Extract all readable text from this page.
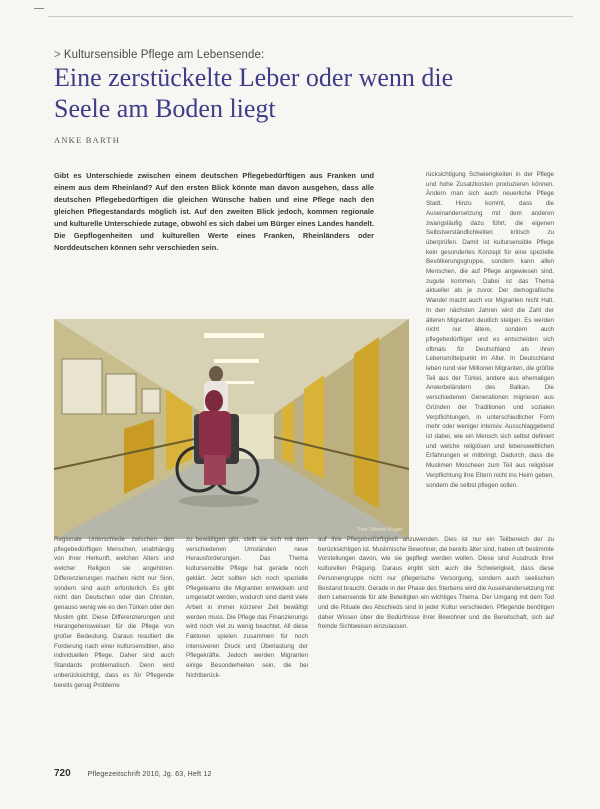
> Kultursensible Pflege am Lebensende:
Eine zerstückelte Leber oder wenn die Seele am Boden liegt
ANKE BARTH

Gibt es Unterschiede zwischen einem deutschen Pflegebedürftigen aus Franken und einem aus dem Rheinland? Auf den ersten Blick könnte man davon ausgehen, dass alle deutschen Pflegebedürftigen die gleichen Wünsche haben und eine Pflege nach den gleichen Pflegestandards möglich ist. Auf den zweiten Blick jedoch, kommen regionale und kulturelle Unterschiede zutage, obwohl es sich dabei um Bürger eines Landes handelt. Die Gepflogenheiten und kulturellen Werte eines Franken, Rheinländers oder Norddeutschen können sehr verschieden sein.

rücksichtigung Schwierigkeiten in der Pflege und hohe Zusatzkosten produzieren können. Ändern man sich auch neuerliche Pflege Stadt. Hinzu kommt, dass die Auseinandersetzung mit dem anderen zwangsläufig dazu führt, die eigenen Selbstverständlichkeiten kritisch zu überprüfen. Damit ist kultursensible Pflege kein gesondertes Konzept für eine spezielle Bevölkerungsgruppe, sondern kann allen Menschen, die auf Pflege angewiesen sind, zugute kommen. Dabei ist das Thema aktueller als je zuvor. Der demografische Wandel macht auch vor Migranten nicht Halt. In den nächsten Jahren wird die Zahl der älteren Migranten deutlich steigen. Es werden nicht nur ältere, sondern auch pflegebedürftiger und es entscheiden sich oftmals für Deutschland als ihren Lebensmittelpunkt im Alter. In Deutschland leben rund vier Millionen Migranten, die größte Teil aus der Türkei, andere aus ehemaligen Anwerbeländern des Balkan. Die verschiedenen Generationen migrieren aus Gründen der Traditionen und sozialen Verpflichtungen, in unterschiedlicher Form mehr oder weniger intensiv. Ausschlaggebend ist dabei, wie ein Mensch sich selbst definiert und welche religiösen und lebensweltlichen Erfahrungen er mitbringt. Dadurch, dass die Muslimen Moscheen zum Teil aus religiöser Verpflichtung ihre Eltern nicht ins Heim geben, sondern die selbst pflegen sollen.

Foto: Werner Krüper

Regionale Unterschiede zwischen den pflegebedürftigen Menschen, unabhängig von ihrer Herkunft, welchen Alters und welcher Religion sie angehören. Differenzierungen machen nicht nur Sinn, sondern sind auch erforderlich. Es gibt nicht den Deutschen oder den Christen, genauso wenig wie es den Türken oder den Muslim gibt. Diese Differenzierungen und Herangehensweisen für die Pflege von großer Bedeutung. Daraus resultiert die Forderung nach einer kultursensiblen, also individuellen Pflege. Daher sind auch Standards problematisch. Denn wird unberücksichtigt, dass es für Pflegende bereits genug Probleme

zu bewältigen gibt, stellt sie sich mit dem verschiedenen Umständen neue Herausforderungen. Das Thema kultursensible Pflege hat gerade noch geklärt. Jetzt sollten sich noch spezielle Pflegeteams die Migranten entwickeln und umgesetzt werden, wodurch sind damit viele Arbeit in immer kürzerer Zeit bewältigt werden muss. Die Pflege das Finanzierungs wird noch viel zu wenig beachtet. All diese Faktoren spielen zusammen für noch intensiveren Druck und Überlastung der Pflegekräfte. Jedoch werden Migranten einige Besonderheiten sein, die bei Nichtberück-

auf ihre Pflegebedürftigkeit anzuwenden. Dies ist nur ein Teilbereich der zu berücksichtigen ist. Muslimische Bewohner, die bereits älter sind, haben oft bestimmte Vorstellungen davon, wie sie gepflegt werden wollen. Diese sind Ausdruck ihrer kulturellen Prägung. Daraus ergibt sich auch die Schwierigkeit, dass diese Personengruppe nicht nur pflegerische Versorgung, sondern auch seelischen Beistand braucht. Gerade in der Phase des Sterbens wird die Auseinandersetzung mit dem Lebensende für alle Beteiligten ein wichtiges Thema. Der Umgang mit dem Tod und die Rituale des Abschieds sind in jeder Kultur verschieden. Pflegende benötigen daher Wissen über die Bedürfnisse ihrer Bewohner und die Bereitschaft, sich auf fremde Sichtweisen einzulassen.

720 Pflegezeitschrift 2010, Jg. 63, Heft 12
